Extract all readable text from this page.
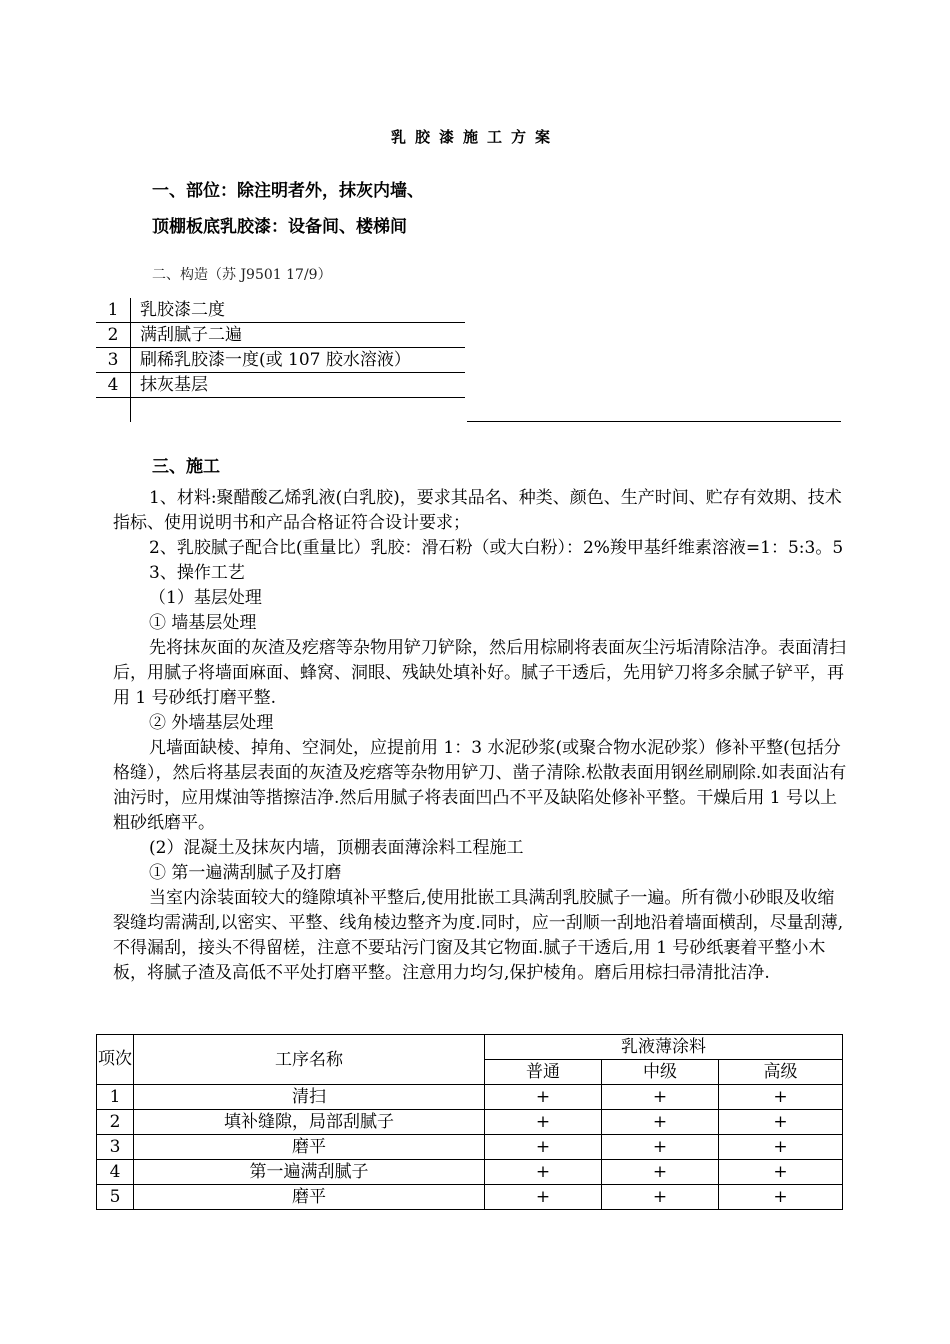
乳胶漆施工方案
一、部位：除注明者外，抹灰内墙、
顶棚板底乳胶漆：设备间、楼梯间
二、构造（苏 J9501 17/9）
1	乳胶漆二度
2	满刮腻子二遍
3	刷稀乳胶漆一度(或 107 胶水溶液）
4	抹灰基层

三、施工

1、材料:聚醋酸乙烯乳液(白乳胶)，要求其品名、种类、颜色、生产时间、贮存有效期、技术指标、使用说明书和产品合格证符合设计要求；

2、乳胶腻子配合比(重量比）乳胶：滑石粉（或大白粉）：2%羧甲基纤维素溶液=1：5:3。5

3、操作工艺

（1）基层处理

① 墙基层处理

先将抹灰面的灰渣及疙瘩等杂物用铲刀铲除，然后用棕刷将表面灰尘污垢清除洁净。表面清扫后，用腻子将墙面麻面、蜂窝、洞眼、残缺处填补好。腻子干透后，先用铲刀将多余腻子铲平，再用 1 号砂纸打磨平整.

② 外墙基层处理

凡墙面缺棱、掉角、空洞处，应提前用 1：3 水泥砂浆(或聚合物水泥砂浆）修补平整(包括分格缝），然后将基层表面的灰渣及疙瘩等杂物用铲刀、凿子清除.松散表面用钢丝刷刷除.如表面沾有油污时，应用煤油等揩擦洁净.然后用腻子将表面凹凸不平及缺陷处修补平整。干燥后用 1 号以上粗砂纸磨平。

(2）混凝土及抹灰内墙，顶棚表面薄涂料工程施工

① 第一遍满刮腻子及打磨

当室内涂装面较大的缝隙填补平整后,使用批嵌工具满刮乳胶腻子一遍。所有微小砂眼及收缩裂缝均需满刮,以密实、平整、线角棱边整齐为度.同时，应一刮顺一刮地沿着墙面横刮，尽量刮薄,不得漏刮，接头不得留槎，注意不要玷污门窗及其它物面.腻子干透后,用 1 号砂纸裹着平整小木板，将腻子渣及高低不平处打磨平整。注意用力均匀,保护棱角。磨后用棕扫帚清批洁净.

项次	工序名称	乳液薄涂料		
		普通	中级	高级
1	清扫	+	+	+
2	填补缝隙，局部刮腻子	+	+	+
3	磨平	+	+	+
4	第一遍满刮腻子	+	+	+
5	磨平	+	+	+
